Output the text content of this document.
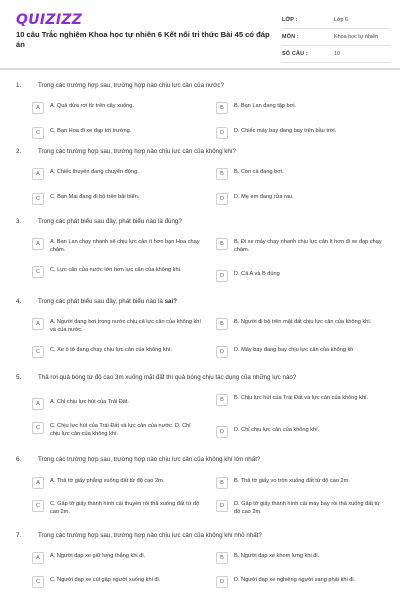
QUIZIZZ
10 câu Trắc nghiệm Khoa học tự nhiên 6 Kết nối tri thức Bài 45 có đáp án
LỚP :	Lớp 6
MÔN :	Khoa học tự nhiên
SỐ CÂU :	10
1.	Trong các trường hợp sau, trường hợp nào chịu lực cản của nước?
A	A. Quả dừa rơi từ trên cây xuống.	B	B. Bạn Lan đang tập bơi.
C	C. Bạn Hoa đi xe đạp tới trường.	D	D. Chiếc máy bay đang bay trên bầu trời.
2.	Trong các trường hợp sau, trường hợp nào chịu lực cản của không khí?
A	A. Chiếc thuyền đang chuyển động.	B	B. Con cá đang bơi.
C	C. Bạn Mai đang đi bộ trên bãi biển.	D	D. Mẹ em đang rửa rau.
3.	Trong các phát biểu sau đây, phát biểu nào là đúng?
A	A. Bạn Lan chạy nhanh sẽ chịu lực cản ít hơn bạn Hoa chạy chậm.
B	B. Đi xe máy chạy nhanh chịu lực cản ít hơn đi xe đạp chạy chậm.
C	C. Lực cản của nước lớn hơn lực cản của không khí.
D	D. Cả A và B đúng
4.	Trong các phát biểu sau đây, phát biểu nào là sai?
A	A. Người đang bơi trong nước chịu cả lực cản của không khí và của nước.
B	B. Người đi bộ trên mặt đất chịu lực cản của không khí.
C	C. Xe ô tô đang chạy chịu lực cản của không khí.	D	D. Máy bay đang bay chịu lực cản của không kh
5.	Thả rơi quả bóng từ độ cao 3m xuống mặt đất thì quả bóng chịu tác dụng của những lực nào?
A	A. Chỉ chịu lực hút của Trái Đất.	B	B. Chịu lực hút của Trái Đất và lực cản của không khí.
C	C. Chịu lực hút của Trái Đất và lực cản của nước. D. Chỉ chịu lực cản của không khí.	D	D. Chỉ chịu lực cản của không khí.
6.	Trong các trường hợp sau, trường hợp nào chịu lực cản của không khí lớn nhất?
A	A. Thả tờ giấy phẳng xuống đất từ độ cao 2m.	B	B. Thả tờ giấy vo tròn xuống đất từ độ cao 2m.
C	C. Gấp tờ giấy thành hình cái thuyền rồi thả xuống đất từ độ cao 2m.
D	D. Gấp tờ giấy thành hình cái máy bay rồi thả xuống đất từ độ cao 2m.
7.	Trong các trường hợp sau, trường hợp nào chịu lực cản của không khí nhỏ nhất?
A	A. Người đạp xe giữ lưng thẳng khi đi.	B	B. Người đạp xe khom lưng khi đi.
C	C. Người đạp xe cúi gập người xuống khi đi.	D	D. Người đạp xe nghiêng người sang phải khi đi.
